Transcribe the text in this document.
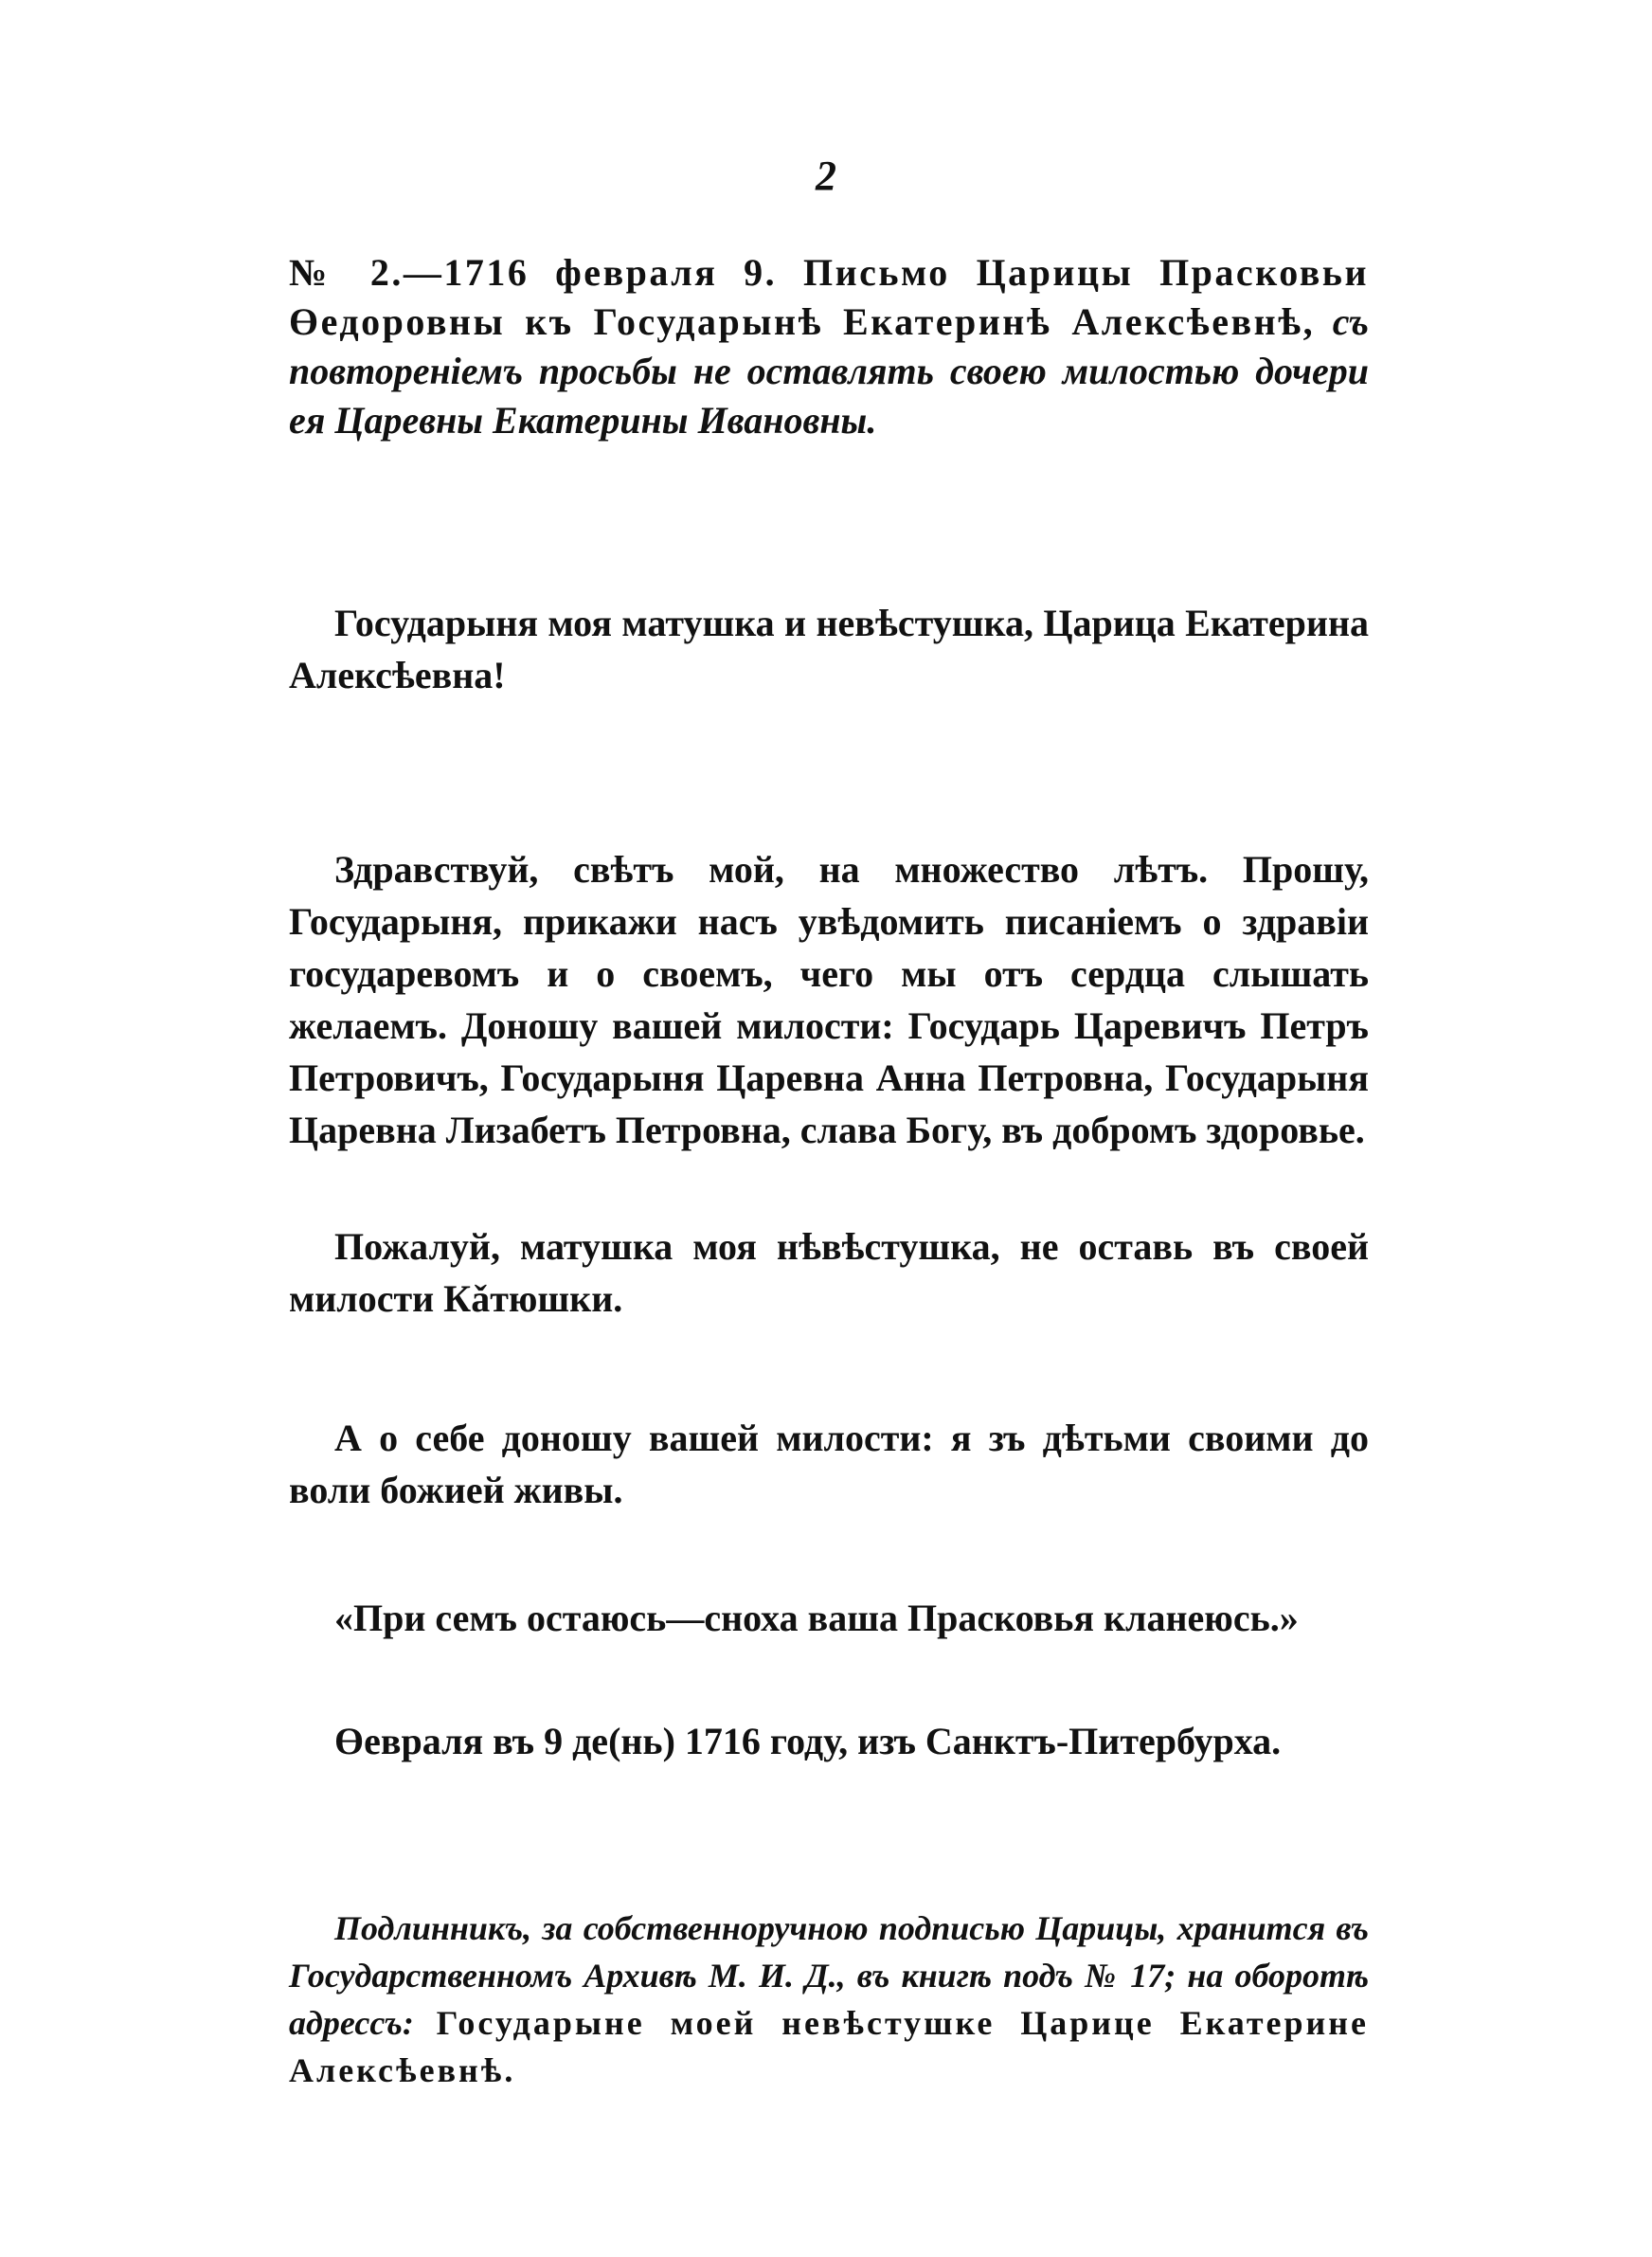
2
№ 2.—1716 февраля 9. Письмо Царицы Прасковьи Өедоровны къ Государынѣ Екатеринѣ Алексѣевнѣ, съ повтореніемъ просьбы не оставлять своею милостью дочери ея Царевны Екатерины Ивановны.

Государыня моя матушка и невѣстушка, Царица Екатерина Алексѣевна!

Здравствуй, свѣтъ мой, на множество лѣтъ. Прошу, Государыня, прикажи насъ увѣдомить писаніемъ о здравіи государевомъ и о своемъ, чего мы отъ сердца слышать желаемъ. Доношу вашей милости: Государь Царевичъ Петръ Петровичъ, Государыня Царевна Анна Петровна, Государыня Царевна Лизабетъ Петровна, слава Богу, въ добромъ здоровье.

Пожалуй, матушка моя нѣвѣстушка, не оставь въ своей милости Кǎтюшки.

А о себе доношу вашей милости: я зъ дѣтьми своими до воли божией живы.

«При семъ остаюсь—сноха ваша Прасковья кланеюсь.»

Өевраля въ 9 де(нь) 1716 году, изъ Санктъ-Питербурха.

Подлинникъ, за собственноручною подписью Царицы, хранится въ Государственномъ Архивѣ М. И. Д., въ книгѣ подъ № 17; на оборотѣ адрессъ: Государыне моей невѣстушке Царице Екатерине Алексѣевнѣ.
